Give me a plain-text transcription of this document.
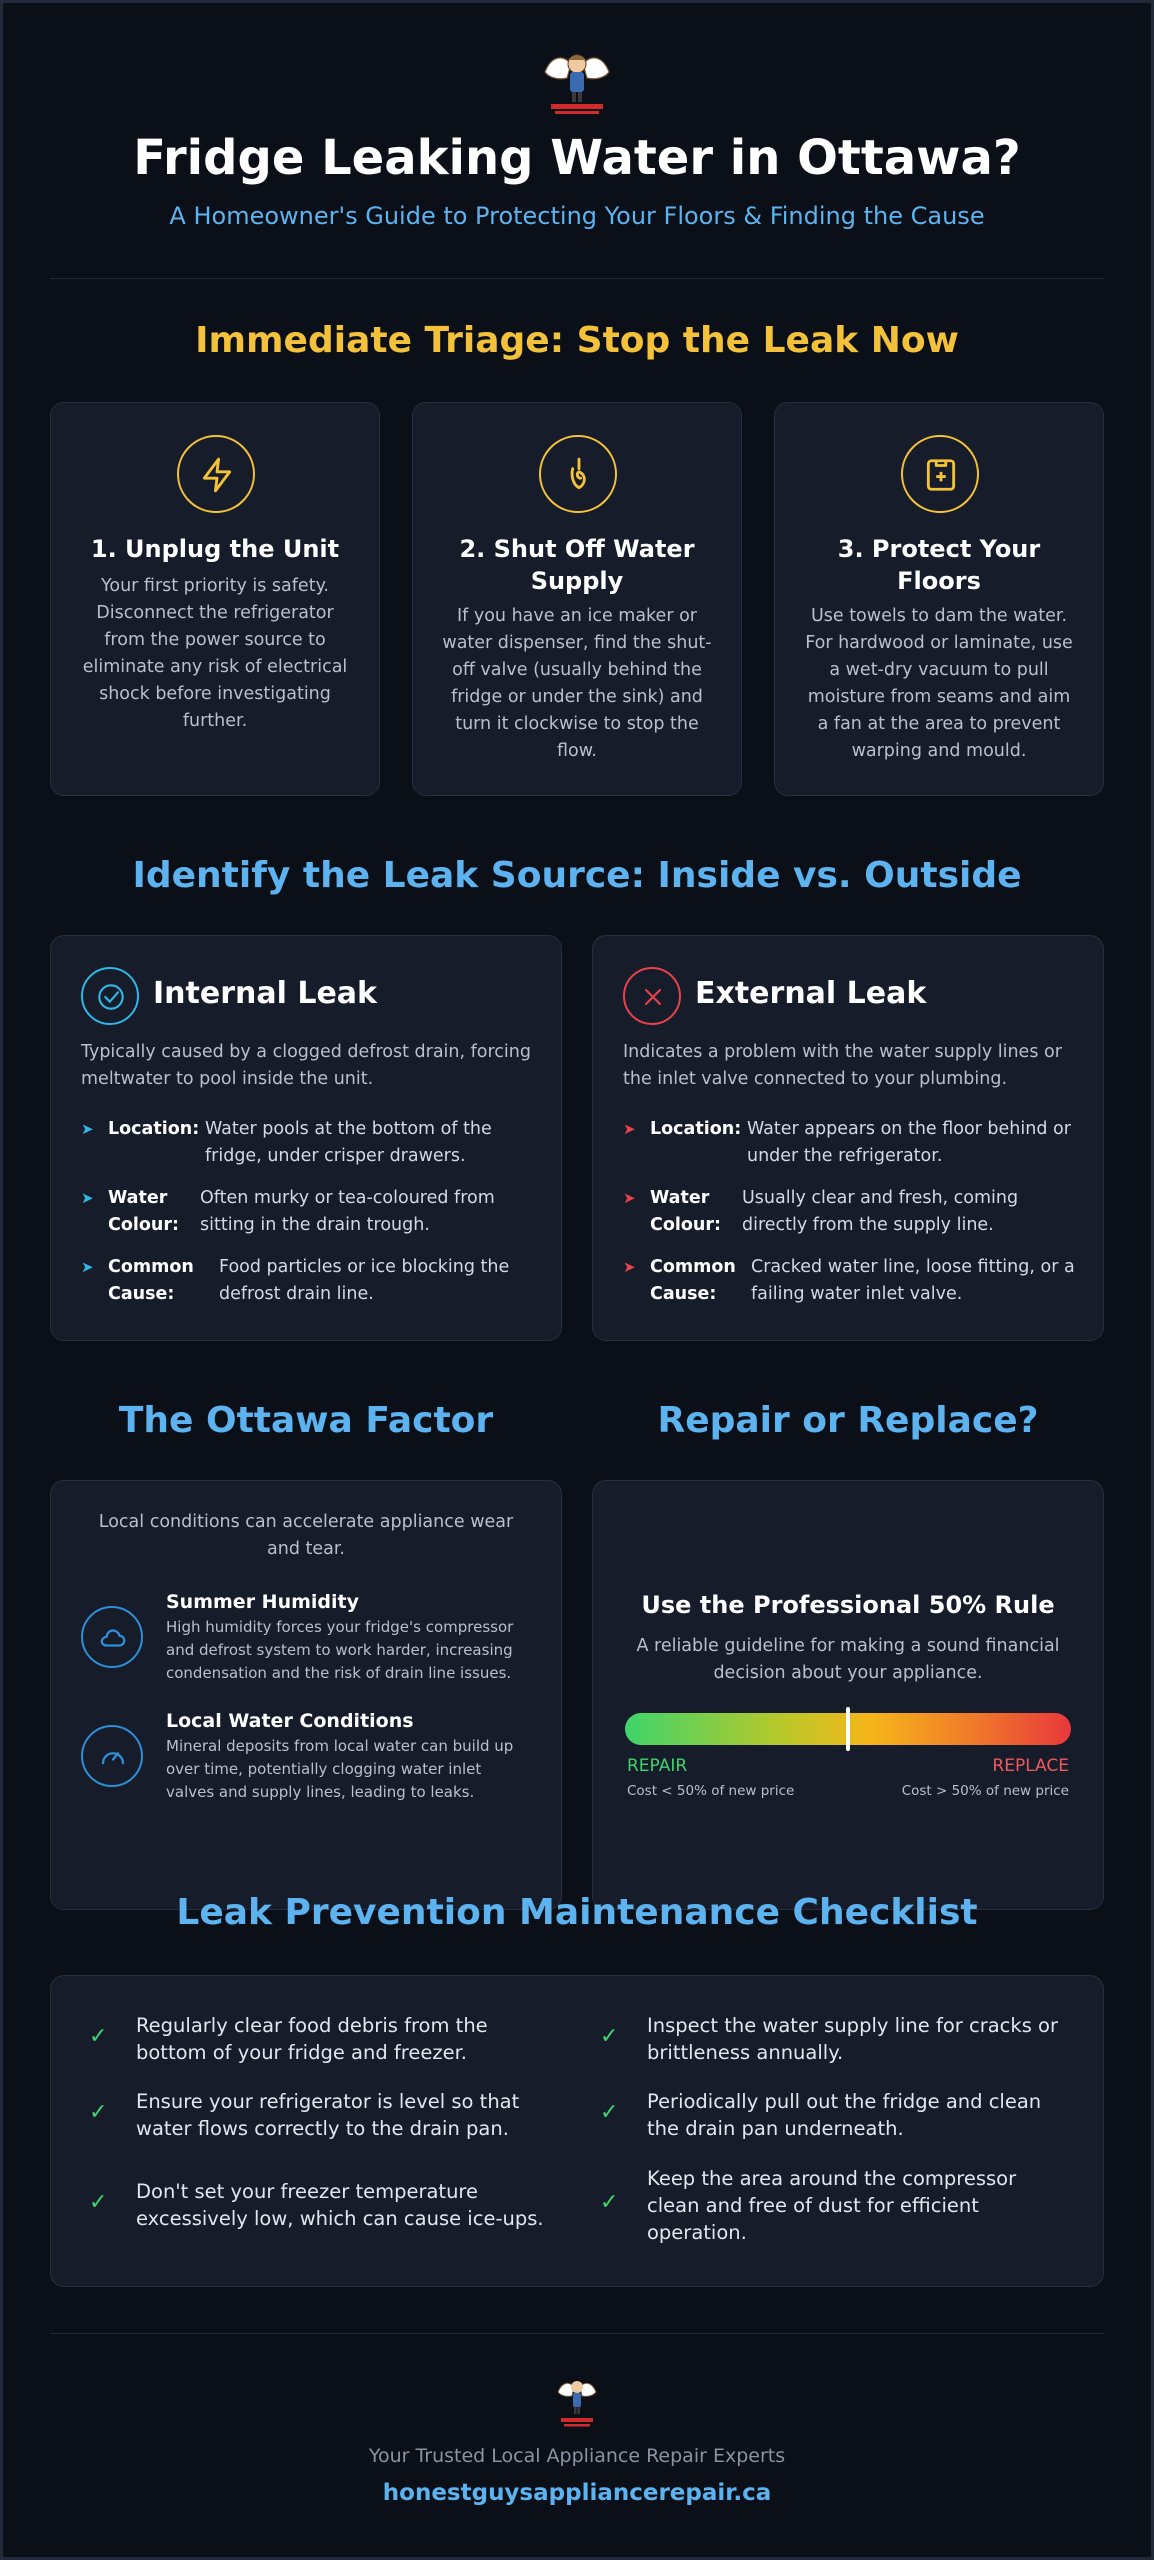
Fridge Leaking Water in Ottawa?
A Homeowner's Guide to Protecting Your Floors & Finding the Cause
Immediate Triage: Stop the Leak Now
1. Unplug the Unit

Your first priority is safety. Disconnect the refrigerator from the power source to eliminate any risk of electrical shock before investigating further.

2. Shut Off Water Supply

If you have an ice maker or water dispenser, find the shut-off valve (usually behind the fridge or under the sink) and turn it clockwise to stop the flow.

3. Protect Your Floors

Use towels to dam the water. For hardwood or laminate, use a wet-dry vacuum to pull moisture from seams and aim a fan at the area to prevent warping and mould.

Identify the Leak Source: Inside vs. Outside
Internal Leak
Typically caused by a clogged defrost drain, forcing meltwater to pool inside the unit.
➤ Location: Water pools at the bottom of the fridge, under crisper drawers.
➤ Water
Colour:
Often murky or tea-coloured from sitting in the drain trough.
➤ Common
Cause:
Food particles or ice blocking the defrost drain line.
External Leak
Indicates a problem with the water supply lines or the inlet valve connected to your plumbing.
➤ Location: Water appears on the floor behind or under the refrigerator.
➤ Water
Colour:
Usually clear and fresh, coming directly from the supply line.
➤ Common
Cause:
Cracked water line, loose fitting, or a failing water inlet valve.
The Ottawa Factor	Repair or Replace?
Local conditions can accelerate appliance wear and tear.
Summer Humidity
High humidity forces your fridge's compressor and defrost system to work harder, increasing condensation and the risk of drain line issues.
Local Water Conditions
Mineral deposits from local water can build up over time, potentially clogging water inlet valves and supply lines, leading to leaks.
Use the Professional 50% Rule
A reliable guideline for making a sound financial decision about your appliance.
REPAIR	REPLACE
Cost < 50% of new price	Cost > 50% of new price
Leak Prevention Maintenance Checklist
✓ Regularly clear food debris from the bottom of your fridge and freezer.
✓ Ensure your refrigerator is level so that water flows correctly to the drain pan.
✓ Don't set your freezer temperature excessively low, which can cause ice-ups.
✓ Inspect the water supply line for cracks or brittleness annually.
✓ Periodically pull out the fridge and clean the drain pan underneath.
✓
Keep the area around the compressor clean and free of dust for efficient operation.
Your Trusted Local Appliance Repair Experts
honestguysappliancerepair.ca
